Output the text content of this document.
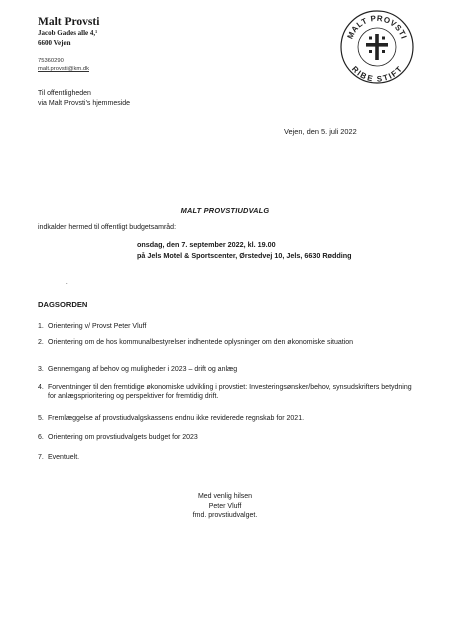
Malt Provsti
Jacob Gades alle 4,¹
6600 Vejen
75360290
malt.provsti@km.dk
MALT PROVSTI
RIBE STIFT
Til offentligheden
via Malt Provsti’s hjemmeside
Vejen, den 5. juli 2022
MALT PROVSTIUDVALG
indkalder hermed til offentligt budgetsamråd:
onsdag, den 7. september 2022, kl. 19.00
på Jels Motel & Sportscenter, Ørstedvej 10, Jels, 6630 Rødding
.
DAGSORDEN
1. Orientering v/ Provst Peter Vluff
2. Orientering om de hos kommunalbestyrelser indhentede oplysninger om den økonomiske situation
3. Gennemgang af behov og muligheder i 2023 – drift og anlæg
4. Forventninger til den fremtidige økonomiske udvikling i provstiet: Investeringsønsker/behov, synsudskrifters betydning for anlægsprioritering og perspektiver for fremtidig drift.
5. Fremlæggelse af provstiudvalgskassens endnu ikke reviderede regnskab for 2021.
6. Orientering om provstiudvalgets budget for 2023
7. Eventuelt.
Med venlig hilsen
Peter Vluff
fmd. provstiudvalget.
